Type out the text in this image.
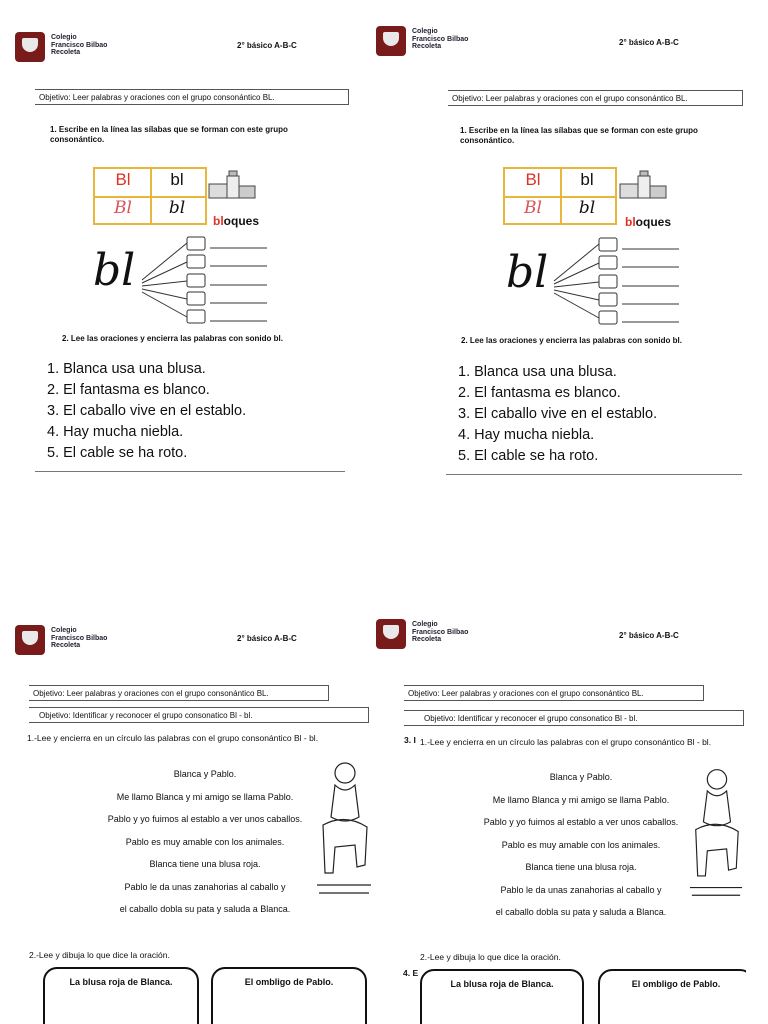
Colegio
Francisco Bilbao
Recoleta
2° básico A-B-C
Objetivo: Leer palabras y oraciones con el grupo consonántico BL.
1. Escribe en la línea las sílabas que se forman con este grupo consonántico.
Bl	bl
Bl	bl
bloques
bl
2. Lee las oraciones y encierra las palabras con sonido bl.
1. Blanca usa una blusa.
2. El fantasma es blanco.
3. El caballo vive en el establo.
4. Hay mucha niebla.
5. El cable se ha roto.
Colegio
Francisco Bilbao
Recoleta	2° básico A-B-C
Objetivo: Leer palabras y oraciones con el grupo consonántico BL.
1. Escribe en la línea las sílabas que se forman con este grupo consonántico.
Bl	bl
Bl	bl
bloques
bl
2. Lee las oraciones y encierra las palabras con sonido bl.
1. Blanca usa una blusa.
2. El fantasma es blanco.
3. El caballo vive en el establo.
4. Hay mucha niebla.
5. El cable se ha roto.
Colegio
Francisco Bilbao
Recoleta
2° básico A-B-C
Objetivo: Leer palabras y oraciones con el grupo consonántico BL.
Objetivo: Identificar y reconocer el grupo consonatico Bl - bl.
1.-Lee y encierra en un círculo las palabras con el grupo consonántico Bl - bl.
Blanca y Pablo.
Me llamo Blanca y mi amigo se llama Pablo.
Pablo y yo fuimos al establo a ver unos caballos.
Pablo es muy amable con los animales.
Blanca tiene una blusa roja.
Pablo le da unas zanahorias al caballo y
el caballo dobla su pata y saluda a Blanca.
2.-Lee y dibuja lo que dice la oración.
La blusa roja de Blanca.	El ombligo de Pablo.
Colegio
Francisco Bilbao
Recoleta	2° básico A-B-C
Objetivo: Leer palabras y oraciones con el grupo consonántico BL.
Objetivo: Identificar y reconocer el grupo consonatico Bl - bl.
3. I 1.-Lee y encierra en un círculo las palabras con el grupo consonántico Bl - bl.
Blanca y Pablo.
Me llamo Blanca y mi amigo se llama Pablo.
Pablo y yo fuimos al establo a ver unos caballos.
Pablo es muy amable con los animales.
Blanca tiene una blusa roja.
Pablo le da unas zanahorias al caballo y
el caballo dobla su pata y saluda a Blanca.
2.-Lee y dibuja lo que dice la oración.
4. E
La blusa roja de Blanca.	El ombligo de Pablo.
